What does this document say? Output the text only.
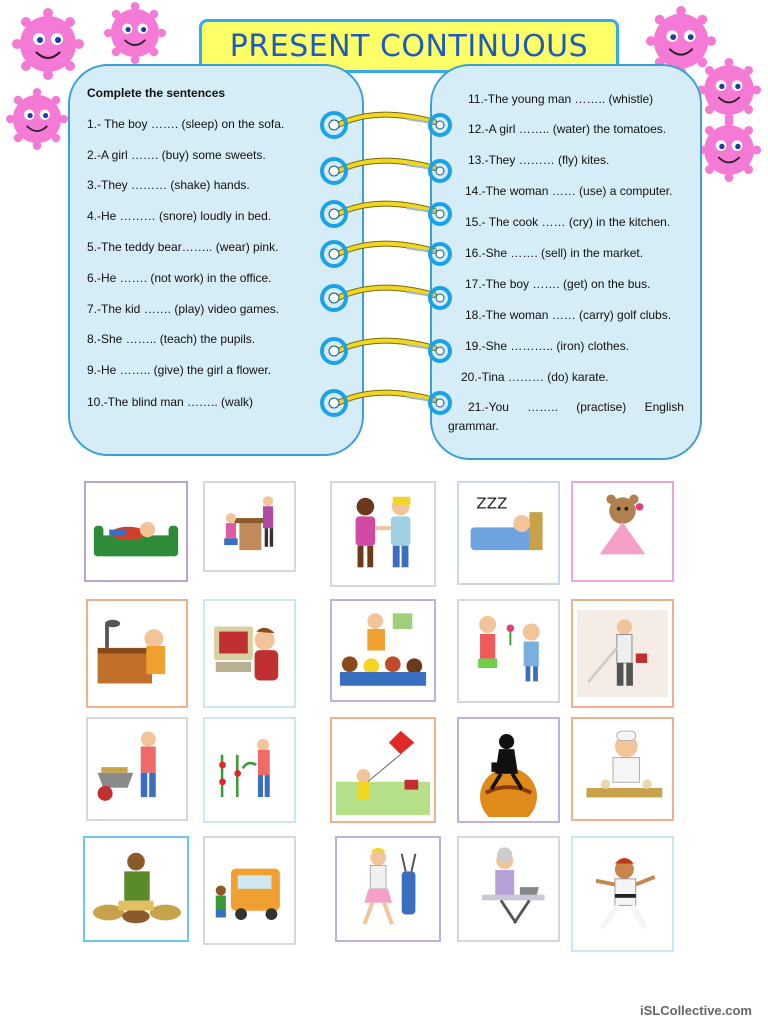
PRESENT CONTINUOUS
Complete the sentences
1.- The boy ……. (sleep) on the sofa.
2.-A girl ……. (buy) some sweets.
3.-They ……… (shake) hands.
4.-He ……… (snore) loudly in bed.
5.-The teddy bear…….. (wear) pink.
6.-He ……. (not work) in the office.
7.-The kid ……. (play) video games.
8.-She …….. (teach) the pupils.
9.-He …….. (give) the girl a flower.
10.-The blind man …….. (walk)
11.-The young man …….. (whistle)
12.-A girl …….. (water) the tomatoes.
13.-They ……… (fly) kites.
14.-The woman …… (use) a computer.
15.- The cook …… (cry) in the kitchen.
16.-She ……. (sell) in the market.
17.-The boy ……. (get) on the bus.
18.-The woman …… (carry) golf clubs.
19.-She ……….. (iron) clothes.
20.-Tina ……… (do) karate.
21.-You …….. (practise) English
grammar.
ZZZ
iSLCollective.com
